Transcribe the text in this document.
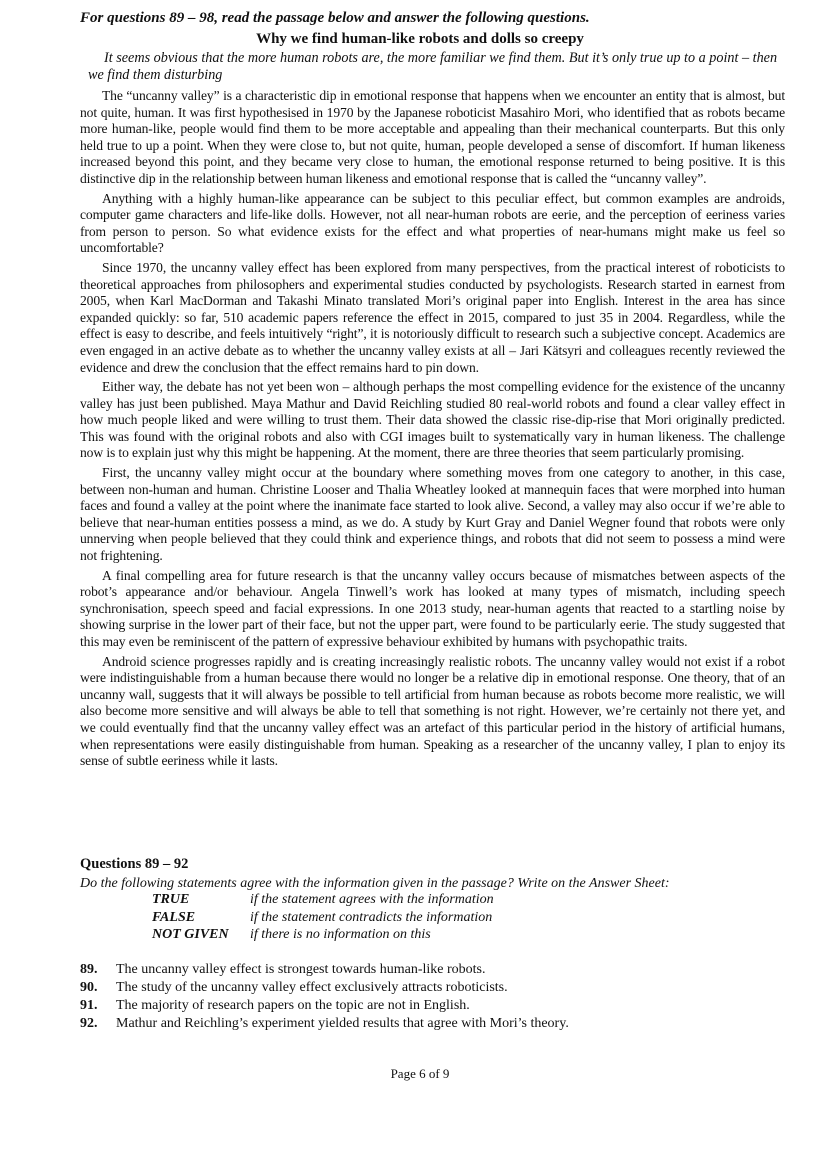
For questions 89 – 98, read the passage below and answer the following questions.
Why we find human-like robots and dolls so creepy
It seems obvious that the more human robots are, the more familiar we find them. But it’s only true up to a point – then we find them disturbing

The “uncanny valley” is a characteristic dip in emotional response that happens when we encounter an entity that is almost, but not quite, human. It was first hypothesised in 1970 by the Japanese roboticist Masahiro Mori, who identified that as robots became more human-like, people would find them to be more acceptable and appealing than their mechanical counterparts. But this only held true to up a point. When they were close to, but not quite, human, people developed a sense of discomfort. If human likeness increased beyond this point, and they became very close to human, the emotional response returned to being positive. It is this distinctive dip in the relationship between human likeness and emotional response that is called the “uncanny valley”.

Anything with a highly human-like appearance can be subject to this peculiar effect, but common examples are androids, computer game characters and life-like dolls. However, not all near-human robots are eerie, and the perception of eeriness varies from person to person. So what evidence exists for the effect and what properties of near-humans might make us feel so uncomfortable?

Since 1970, the uncanny valley effect has been explored from many perspectives, from the practical interest of roboticists to theoretical approaches from philosophers and experimental studies conducted by psychologists. Research started in earnest from 2005, when Karl MacDorman and Takashi Minato translated Mori’s original paper into English. Interest in the area has since expanded quickly: so far, 510 academic papers reference the effect in 2015, compared to just 35 in 2004. Regardless, while the effect is easy to describe, and feels intuitively “right”, it is notoriously difficult to research such a subjective concept. Academics are even engaged in an active debate as to whether the uncanny valley exists at all – Jari Kätsyri and colleagues recently reviewed the evidence and drew the conclusion that the effect remains hard to pin down.

Either way, the debate has not yet been won – although perhaps the most compelling evidence for the existence of the uncanny valley has just been published. Maya Mathur and David Reichling studied 80 real-world robots and found a clear valley effect in how much people liked and were willing to trust them. Their data showed the classic rise-dip-rise that Mori originally predicted. This was found with the original robots and also with CGI images built to systematically vary in human likeness. The challenge now is to explain just why this might be happening. At the moment, there are three theories that seem particularly promising.

First, the uncanny valley might occur at the boundary where something moves from one category to another, in this case, between non-human and human. Christine Looser and Thalia Wheatley looked at mannequin faces that were morphed into human faces and found a valley at the point where the inanimate face started to look alive. Second, a valley may also occur if we’re able to believe that near-human entities possess a mind, as we do. A study by Kurt Gray and Daniel Wegner found that robots were only unnerving when people believed that they could think and experience things, and robots that did not seem to possess a mind were not frightening.

A final compelling area for future research is that the uncanny valley occurs because of mismatches between aspects of the robot’s appearance and/or behaviour. Angela Tinwell’s work has looked at many types of mismatch, including speech synchronisation, speech speed and facial expressions. In one 2013 study, near-human agents that reacted to a startling noise by showing surprise in the lower part of their face, but not the upper part, were found to be particularly eerie. The study suggested that this may even be reminiscent of the pattern of expressive behaviour exhibited by humans with psychopathic traits.

Android science progresses rapidly and is creating increasingly realistic robots. The uncanny valley would not exist if a robot were indistinguishable from a human because there would no longer be a relative dip in emotional response. One theory, that of an uncanny wall, suggests that it will always be possible to tell artificial from human because as robots become more realistic, we will also become more sensitive and will always be able to tell that something is not right. However, we’re certainly not there yet, and we could eventually find that the uncanny valley effect was an artefact of this particular period in the history of artificial humans, when representations were easily distinguishable from human. Speaking as a researcher of the uncanny valley, I plan to enjoy its sense of subtle eeriness while it lasts.

Questions 89 – 92
Do the following statements agree with the information given in the passage? Write on the Answer Sheet:
TRUE	if the statement agrees with the information
FALSE	if the statement contradicts the information
NOT GIVEN if there is no information on this
89. The uncanny valley effect is strongest towards human-like robots.
90. The study of the uncanny valley effect exclusively attracts roboticists.
91. The majority of research papers on the topic are not in English.
92. Mathur and Reichling’s experiment yielded results that agree with Mori’s theory.
Page 6 of 9
